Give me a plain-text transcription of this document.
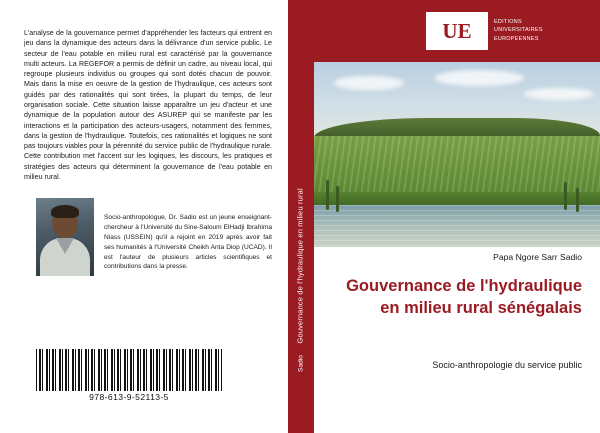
L'analyse de la gouvernance permet d'appréhender les facteurs qui entrent en jeu dans la dynamique des acteurs dans la délivrance d'un service public. Le secteur de l'eau potable en milieu rural est caractérisé par la gouvernance multi acteurs. La REGEFOR a permis de définir un cadre, au niveau local, qui regroupe plusieurs individus ou groupes qui sont dotés chacun de pouvoir. Mais dans la mise en oeuvre de la gestion de l'hydraulique, ces acteurs sont guidés par des rationalités qui sont tirées, la plupart du temps, de leur organisation sociale. Cette situation laisse apparaître un jeu d'acteur et une dynamique de la population autour des ASUREP qui se manifeste par les interactions et la participation des acteurs-usagers, notamment des femmes, dans la gestion de l'hydraulique. Toutefois, ces rationalités et logiques ne sont pas toujours viables pour la pérennité du service public de l'hydraulique rurale. Cette contribution met l'accent sur les logiques, les discours, les pratiques et stratégies des acteurs qui déterminent la gouvernance de l'eau potable en milieu rural.
Socio-anthropologue, Dr. Sadio est un jeune enseignant-chercheur à l'Université du Sine-Saloum ElHadji Ibrahima Niass (USSEIN) qu'il a rejoint en 2019 après avoir fait ses humanités à l'Université Cheikh Anta Diop (UCAD). Il est l'auteur de plusieurs articles scientifiques et contributions dans la presse.
978-613-9-52113-5
Gouvernance de l'hydraulique en milieu rural
Sadio
UE	EDITIONS
UNIVERSITAIRES
EUROPEENNES
Papa Ngore Sarr Sadio
Gouvernance de l'hydraulique en milieu rural sénégalais
Socio-anthropologie du service public
